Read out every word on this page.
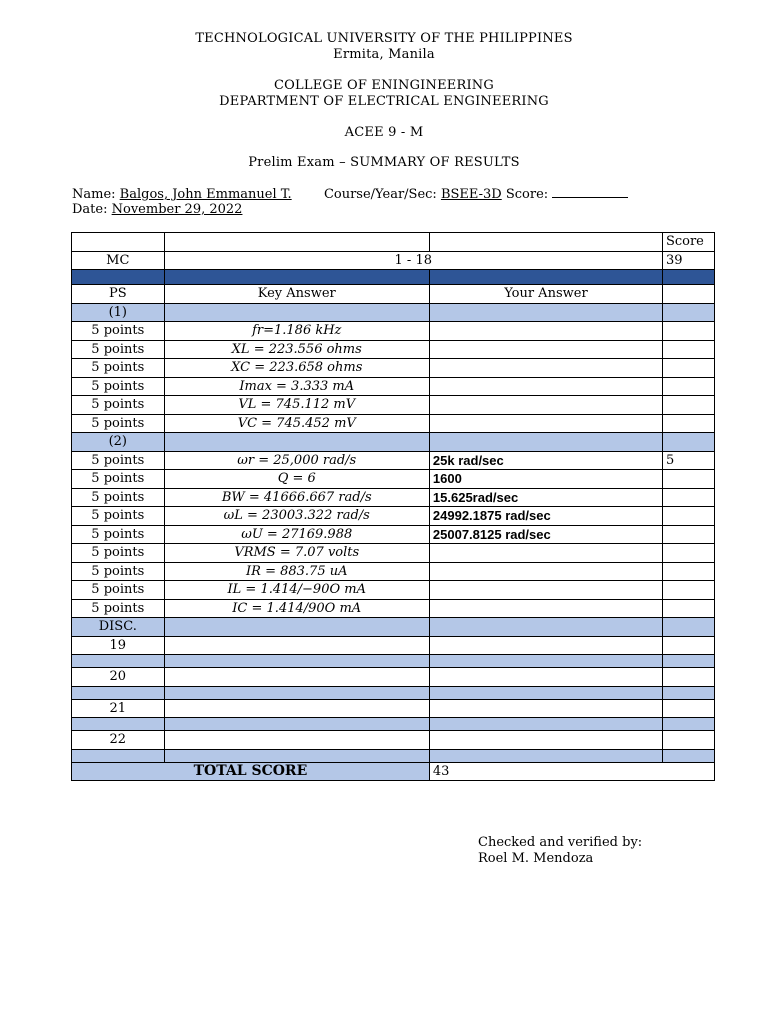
TECHNOLOGICAL UNIVERSITY OF THE PHILIPPINES
Ermita, Manila
COLLEGE OF ENINGINEERING
DEPARTMENT OF ELECTRICAL ENGINEERING
ACEE 9 - M
Prelim Exam – SUMMARY OF RESULTS
Name: Balgos, John Emmanuel T. Course/Year/Sec: BSEE-3D Score:
Date: November 29, 2022
			Score
MC	1 - 18		39

PS	Key Answer	Your Answer	
(1)			
5 points	fr=1.186 kHz		
5 points	XL = 223.556 ohms		
5 points	XC = 223.658 ohms		
5 points	Imax = 3.333 mA		
5 points	VL = 745.112 mV		
5 points	VC = 745.452 mV		
(2)			
5 points	ωr = 25,000 rad/s	25k rad/sec	5
5 points	Q = 6	1600	
5 points	BW = 41666.667 rad/s	15.625rad/sec	
5 points	ωL = 23003.322 rad/s	24992.1875 rad/sec	
5 points	ωU = 27169.988	25007.8125 rad/sec	
5 points	VRMS = 7.07 volts		
5 points	IR = 883.75 uA		
5 points	IL = 1.414/−90O mA		
5 points	IC = 1.414/90O mA		
DISC.			
19			

20			

21			

22			

TOTAL SCORE		43	
Checked and verified by:
Roel M. Mendoza
